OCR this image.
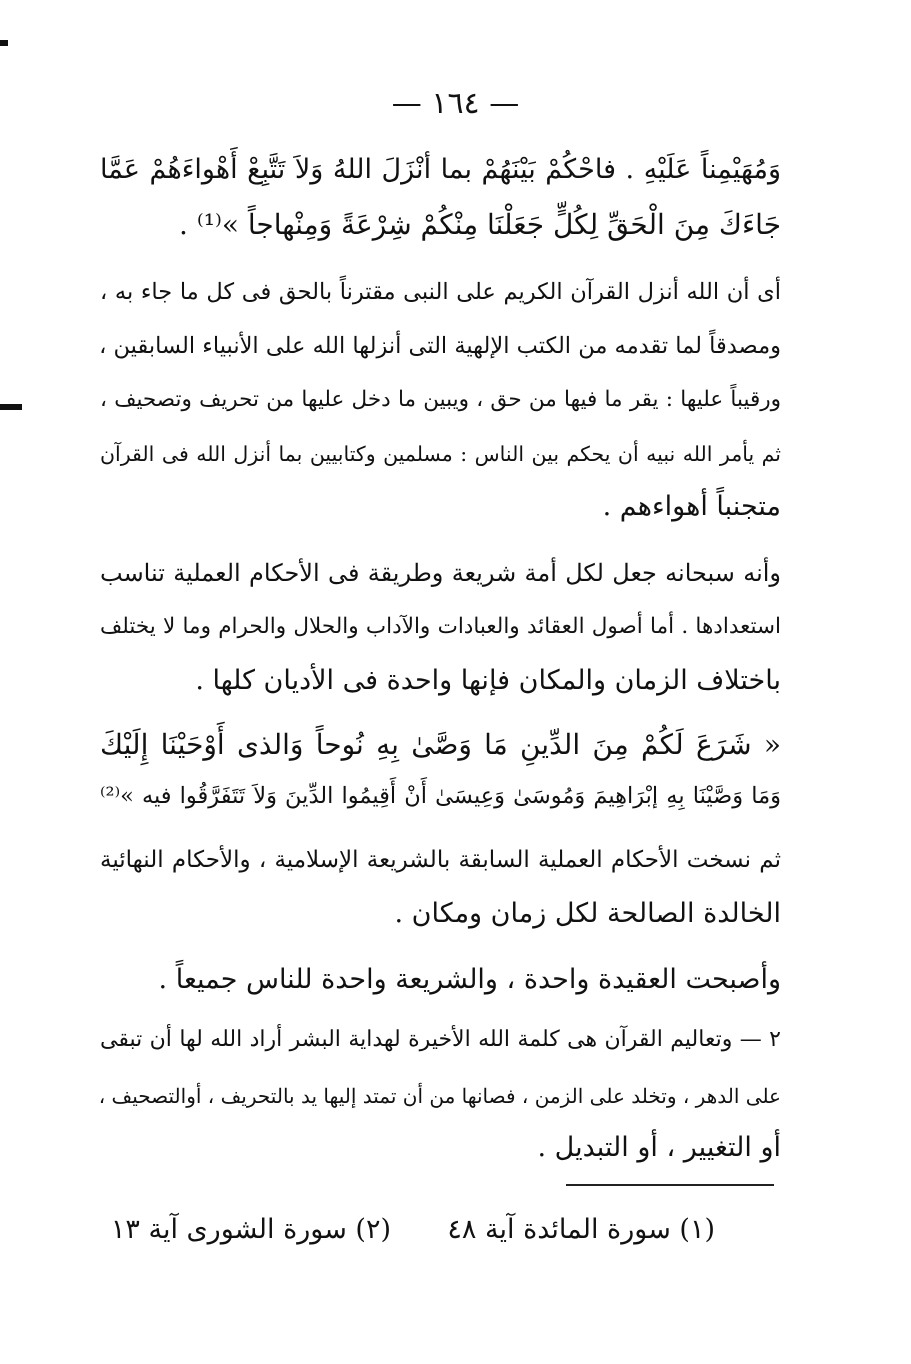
— ١٦٤ —
وَمُهَيْمِناً عَلَيْهِ . فاحْكُمْ بَيْنَهُمْ بما أنْزَلَ اللهُ وَلاَ تَتَّبِعْ أَهْواءَهُمْ عَمَّا
جَاءَكَ مِنَ الْحَقِّ لِكُلٍّ جَعَلْنَا مِنْكُمْ شِرْعَةً وَمِنْهاجاً »⁽¹⁾ .
أى أن الله أنزل القرآن الكريم على النبى مقترناً بالحق فى كل ما جاء به ،
ومصدقاً لما تقدمه من الكتب الإلهية التى أنزلها الله على الأنبياء السابقين ،
ورقيباً عليها : يقر ما فيها من حق ، ويبين ما دخل عليها من تحريف وتصحيف ،
ثم يأمر الله نبيه أن يحكم بين الناس : مسلمين وكتابيين بما أنزل الله فى القرآن
متجنباً أهواءهم .
وأنه سبحانه جعل لكل أمة شريعة وطريقة فى الأحكام العملية تناسب
استعدادها . أما أصول العقائد والعبادات والآداب والحلال والحرام وما لا يختلف
باختلاف الزمان والمكان فإنها واحدة فى الأديان كلها .
« شَرَعَ لَكُمْ مِنَ الدِّينِ مَا وَصَّىٰ بِهِ نُوحاً وَالذى أَوْحَيْنَا إِلَيْكَ
وَمَا وَصَّيْنَا بِهِ إبْرَاهِيمَ وَمُوسَىٰ وَعِيسَىٰ أَنْ أَقِيمُوا الدِّينَ وَلاَ تَتَفَرَّقُوا فيه »⁽²⁾
ثم نسخت الأحكام العملية السابقة بالشريعة الإسلامية ، والأحكام النهائية
الخالدة الصالحة لكل زمان ومكان .
وأصبحت العقيدة واحدة ، والشريعة واحدة للناس جميعاً .
٢ — وتعاليم القرآن هى كلمة الله الأخيرة لهداية البشر أراد الله لها أن تبقى
على الدهر ، وتخلد على الزمن ، فصانها من أن تمتد إليها يد بالتحريف ، أوالتصحيف ،
أو التغيير ، أو التبديل .
(١) سورة المائدة آية ٤٨
(٢) سورة الشورى آية ١٣
